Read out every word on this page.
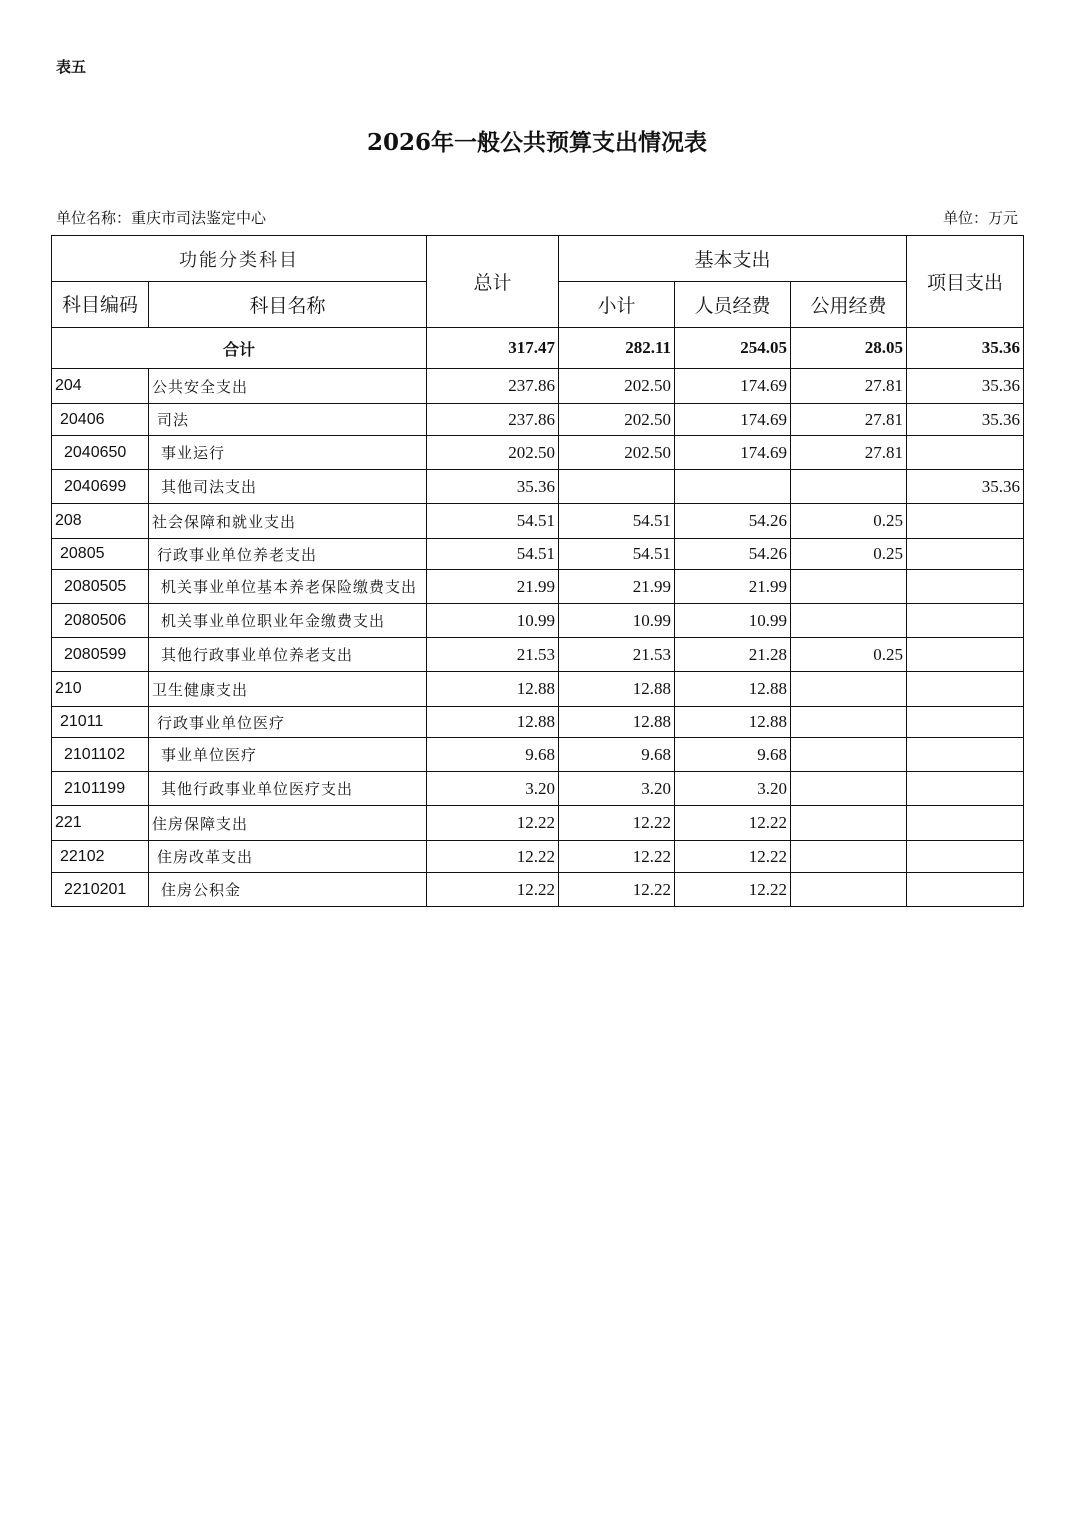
表五
2026年一般公共预算支出情况表
单位名称：重庆市司法鉴定中心	单位：万元
功能分类科目		总计	基本支出			项目支出
科目编码	科目名称		小计	人员经费	公用经费	
合计		317.47	282.11	254.05	28.05	35.36
204	公共安全支出	237.86	202.50	174.69	27.81	35.36
20406	司法	237.86	202.50	174.69	27.81	35.36
2040650	事业运行	202.50	202.50	174.69	27.81	
2040699	其他司法支出	35.36				35.36
208	社会保障和就业支出	54.51	54.51	54.26	0.25	
20805	行政事业单位养老支出	54.51	54.51	54.26	0.25	
2080505	机关事业单位基本养老保险缴费支出	21.99	21.99	21.99		
2080506	机关事业单位职业年金缴费支出	10.99	10.99	10.99		
2080599	其他行政事业单位养老支出	21.53	21.53	21.28	0.25	
210	卫生健康支出	12.88	12.88	12.88		
21011	行政事业单位医疗	12.88	12.88	12.88		
2101102	事业单位医疗	9.68	9.68	9.68		
2101199	其他行政事业单位医疗支出	3.20	3.20	3.20		
221	住房保障支出	12.22	12.22	12.22		
22102	住房改革支出	12.22	12.22	12.22		
2210201	住房公积金	12.22	12.22	12.22		
